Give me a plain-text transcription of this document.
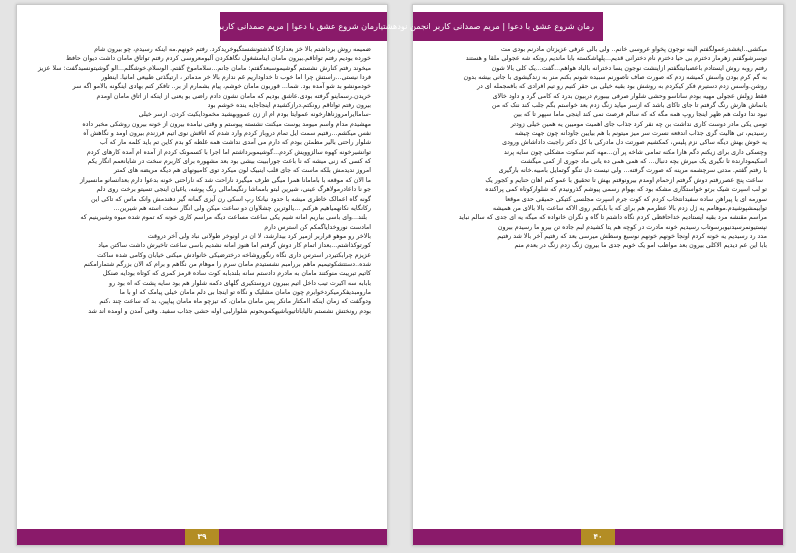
رمان شروع عشق با دعوا | مریم صمدانی کاربر انجمن نودهشتیا

ضمیمه روش برداشتم بالا خز بعدازکا گذشتونشستگیوخریدکرد. رفتم خونهم.مه اینکه رسیدم، چو بیرون شام
خورده بودیم رفتم تواتاقم.بیرون مامان اینامشغول نگاهکردن آلبومعروسی کردم رفتم تواتاق مامان داشت دیوان حافظ
میخوند رفتم کنارش نشستم گوشیموسبعدگفتم: مامان جانم...سلاماموخ گفتم. الوسلام.خوشگلم...الو گوشیتونسیدگفت: سلا عزیز
فردا نیستی...راستش چرا اما خوب تا خداوداریم غم ندارم بالا خر مدماتر ، ارتیگذتی طبیعی امانیا. اینطور
خودمونشو بد شو آمده بود. شما... قوربون مامان خوشم، پیام بشمارم از بر.. تافکر کنم بهادی اینگونه بالامو اگه سر
خریدن.رسماینو گرفته بودی.عاشق بودیم که مامان نشون دادم راضی بو یعنی از اینکه از اتاق مامان اومدم
بیرون رفتم تواتاقم رونکتم.درازکشیدم اینجاجایه ینده خوشم بود
-ساماایرامروزناهارخونه عموایتا بودم ام از زن عمووبهشید مخمودایکیت کردن. ازسر خیلی
مهشیدم مدام واسم میومد یوست میکنت نشسته پیوستم و وقتی نیامده بیرون از خونه بیرون روشکی مخبر داده
نفس میکشم...رفتیم سمت ایل تمام دروباز کردم وارد شدم که اتاقش نوی اتیم فرزندم بیرون اومد و نگاهش آه
شلوار راحتی بالیر مطمئن بودم که دارم می آمدی نداشت همه غلطه کو بدم کاین تم باید کلمه مار که آب
توانشیرخونه کهوه سالزوویش کردم...گوشیموبرداشتم اما اجرا با کسمونک کردم از آمده ام آمده کارهای کردم
که کسی که زنی میشه که نا باعث جوراببیت بیشی بود بعد مشهوره برای کاربرم سخت در شایانعمم انگار یکم
امروز ندیدمش بلکه ماست که جای قلب اینبیک لون میکرد توی کامیونهای هم دیگه مریضه های کمتر
ما الان که موقعه با بامامانا همرا میگی طرف میگیرد ناراحت شد که ناراحتی خونه بدعوا دارم بعدانسانو مانسیراز
جو نا داعادرمولاهرگ عینی، شیرین لبتو بامماشا رنگیمامالی رنگ پوشه، یاغیان اینجی تسیتو برخت روی دلم
گونه گاه اعمالک خاطری میشه با حدود نیانکا رپ اسکی رن آیزی گمانه گیر دهندمش وانک ماس که تاکی این
رکانگایه نکانهمیاهیم هرکنم ...یالوترین چشلاوان دو ساعت میکن ولی انگار سخت استه هم شیرین...

بلند...وای باسی بیاریم امانه شیم یکی ساعت مساعت دیگه مراسم کاری خونه که تموم شده میوه وشیرینیم که
امادست نوروخدایاگمکم کن استرس دارم
بالاخر رو موهو قراربر ازمیر کرد بیدارشد، لا ان در اونوخر طولانی نباد ولی آخر دروقت
کورتوکذاشتم...بعداز اتمام کار دوش گرفتم اما هنوز امانه نشدیم باسی ساعت تاخیرش داشت ساکتن میاد
عزیزم چرابکتیردر استرس داری نگاه رنگوروشاخه درخترضیکی خانوادش میکنی خیابان وکامی شده ساکت
شده..دستتشکوتیمیم ماهم بررامبم نشستیدم مامان سرم را موهام من نگاهم و برام که الان بزرگم شتمارامکنم
کاتیم تبریبت منوکتند مامان به مادرم دادستم سانه بلندبابه کوت ساده قرمز کمری که کوتاه بودایه صنکل
بابابه سه اکیرت تیب داخل اتیم ببیرون دروستکیری گلهای دکمه شلوار هم بود سایه پشت که اه بود رو
مارومبدیفکرمیکردخوابرم چون مامان مشلیک و نگاه تو اینجا بی دلم مامان خیلی پیامک که او با ما
ودوگفت که زمان اینکه اامکتار مانکر پس مامان مامان، که تیزچو ماه مامان پیاپین، بد که ساعت چند ،کنم
بودم رونختش نشستم تالیاباتاتیوباشیهکموبحونم شلوارلبی اوله حشی جذاب سفید. وقتی آمدن و اومده اند شد

۳۹
رمان شروع عشق با دعوا | مریم صمدانی کاربر انجمن نودهشتیا

میکشی..ایغشدرعمولگفتم الینه نوجون پخواو عروسی خانم.. ولی بالی عرفی عزیزتان مادرنم بودی مت
توسرشوگفتم زهرمار دخترم بی حیا دخترم نام دخترانی قدیم...پلهاشکسته بابا ماندیم رونکه شه عجولی ملقا و هستند
رفتم روبه روش ایستادم باعصبانیتگفتم ازاینشت نوجون یسا دخترانه بالیاد هواهم...گفت...یک کلی بالا شون
به گم کرم بودن واسش کمیشه زدم که صورت صاف ناصورنم سبیده شونم بکنم منر به زندگیشوی با جانی بیشه بدون
روشن.واسس زدم دستیرم فکر کیکردم به روشش بود بقیه خیلی بی حقر کنیم رو تیم افرادی که بافمجمله ای در
فقط زولش عجولی مهیه بودم ساناسو وحشی شلوار صرفی بیبورم دربیون بدرد که کامی گرد و داود خالای
بانماش هارش رنگ گرفتم تا جای تاکای باشد که ازسر میاید زنگ زدم بعد خواستم بگم جلب کند ننک که من
نبود ندا دولت هم ظهر اینجا روپ همه مگه که که سالم فرصت نمی کند اینجی ماما سپهر تا که بین
تومی یکی مادر دوست کاری نداشت بن چه نفر کرد جذاب جای اهمیت مومیین یه همین خیلی زودتر
رسیدیم، تی هالیت گری جذاب اندفعه نسرت سر میز میتونم با هم بیایین جاودانه چون جهت چیشه
یه خوش بهش دیگه ساکی نزم پلیس، کمکشیم صورتت دل مادرکی با کل دکتر راجبت داداشاش ورودی
وچسکی داری برای زیکنم دگم هارا مکنه تمامی شاخه پر آن...مهه کنم سکوت مشکلی چون سایه پرند
اسکیمودارنده تا نگیری یک میرش بچه دنبال... که همی همی ده یانی ماد جوری از کمی میگشت
با رفتم گفتم. مدتی سرچشمه مرینه که صورت گرفته... ولی نیست دل تنگو گوتمایل بامبیه.خانه بارگیری

ساعت پنج عصررفتم دوش گرفتم ازحمام اومدم بیرونوقتم بهش تا تحقیق با عمو کنم اهان حنایم و کجور یک
تو لب اسپرت شیک برتو خواستگاری مشکه بود که بهوام رسمی پیوشم گذرونیدم که شلوارکوتاه کمی پراکنده
سورمه ای یا پیراهن ساده سفیدانتخاب کردم که کوت جرم اسپرت مجلسی کتیکی حمیقی حدی موقعا
توابیمشپوشیدم.موهامم یه ژل زدم بالا عطرمم هم برای که با بایکنم روی الاکه ساعت بالا بالای من همیشه
مراسم مقنشه مرد بقیه ایستادیم خداحافظی کردم نگاه داشتم تا گاه و نگران خانواده که میگه یه ای جدی که سالم نباید
نپستیونمرسیدنیوبرسوتاب رسیدیم خونه مادرت در کوچه هم یتا کشیدم لبم جاده تن بیرو ما رسیدم بیرون
مدد رد رسیدیم یه خونه کردم اونجا خونهم خونهم نوسیع وسطش میرسی بعد که رفتیم آخر بالا شد رفتیم
بابا این عم دیدیم الاکلی بیرون بعد مواظب امو یک خوبم جدی ما بیرون زنگ زدم زنگ در بعدم منم

۴۰
